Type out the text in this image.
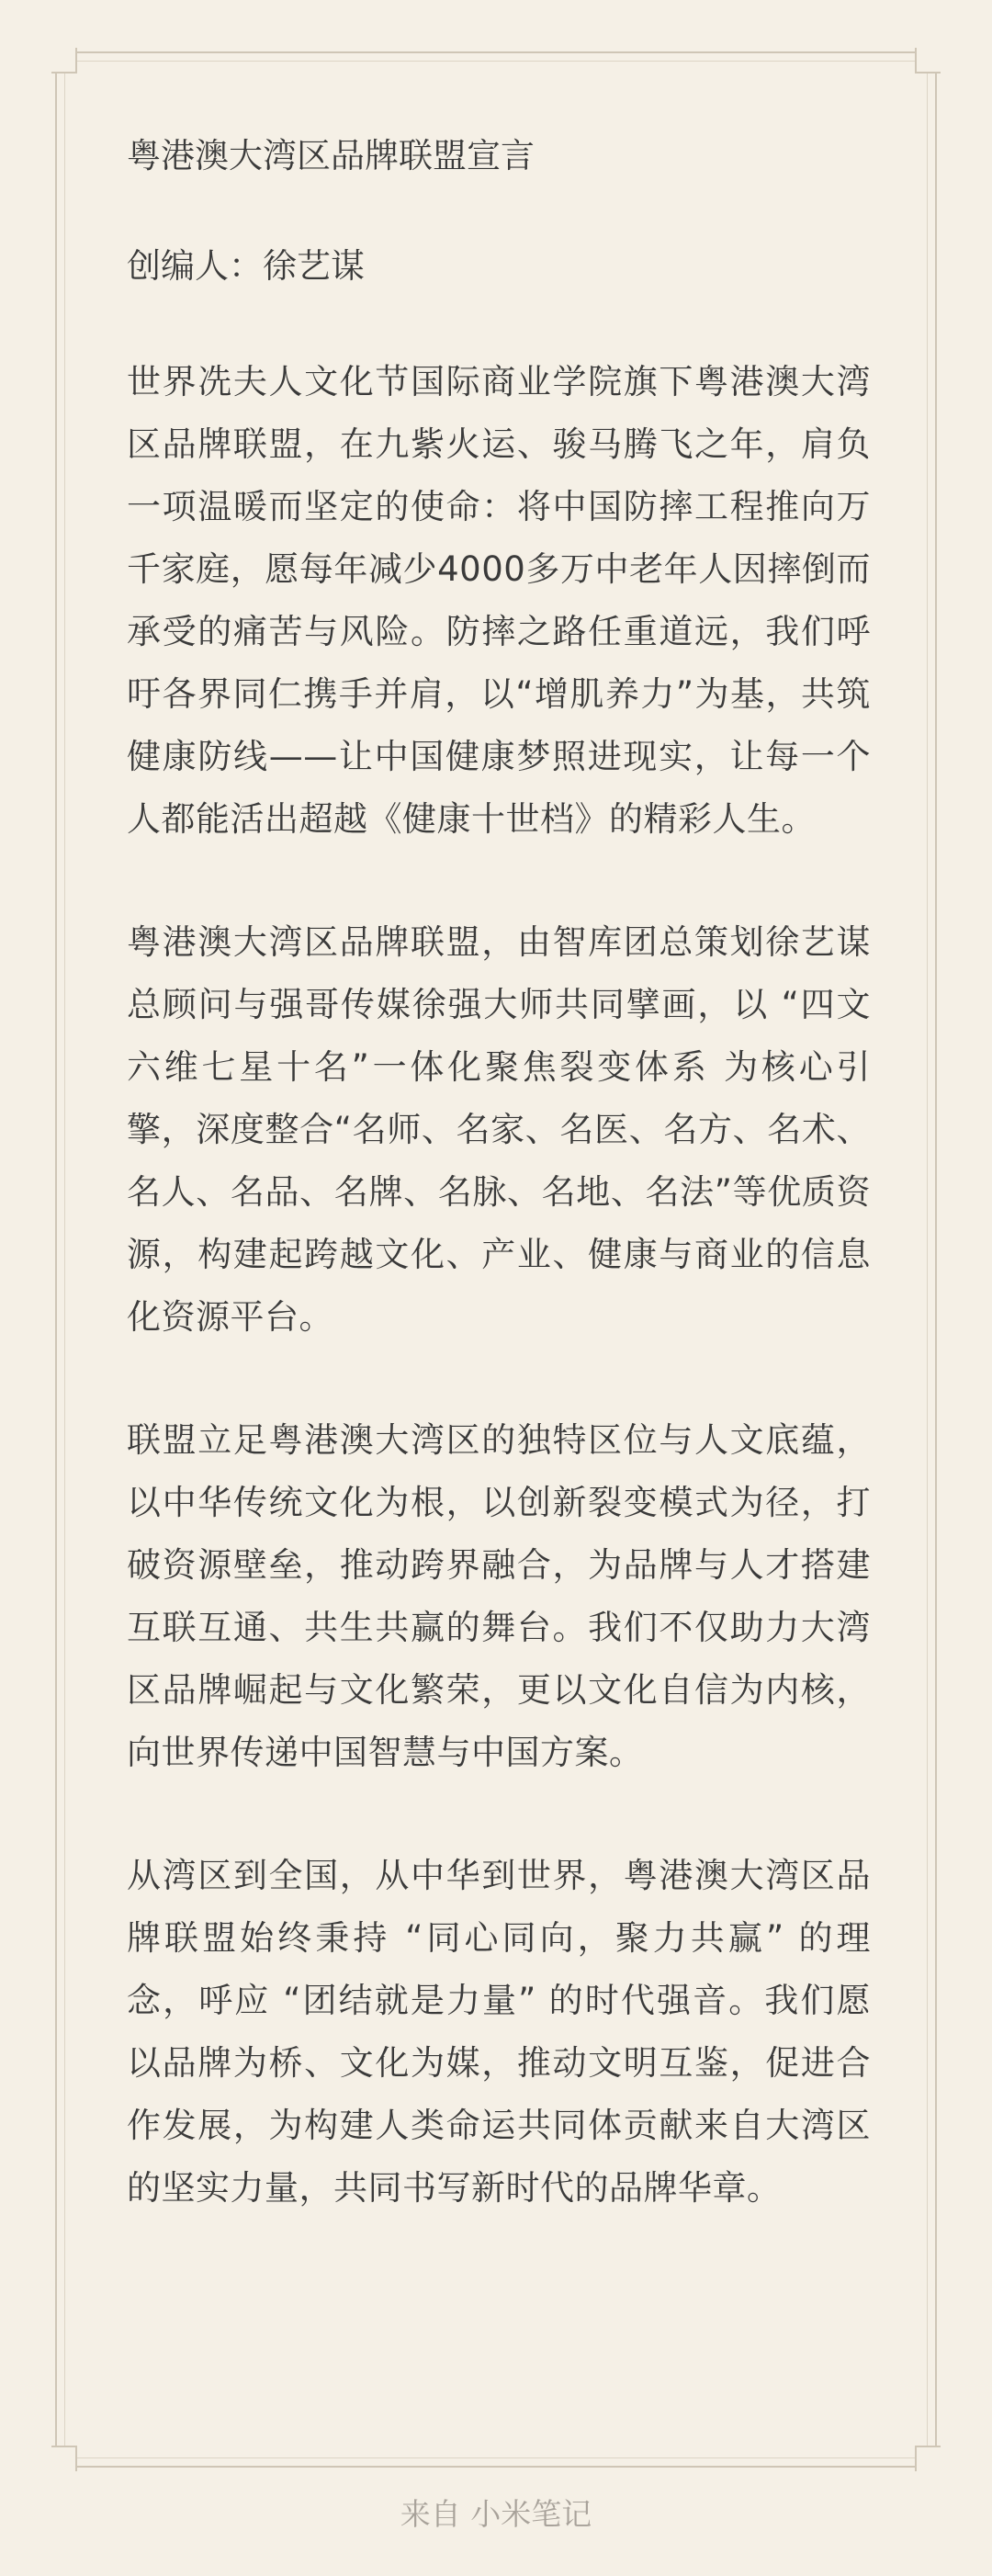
粤港澳大湾区品牌联盟宣言
创编人：徐艺谋

世界冼夫人文化节国际商业学院旗下粤港澳大湾区品牌联盟，在九紫火运、骏马腾飞之年，肩负一项温暖而坚定的使命：将中国防摔工程推向万千家庭，愿每年减少4000多万中老年人因摔倒而承受的痛苦与风险。防摔之路任重道远，我们呼吁各界同仁携手并肩，以“增肌养力”为基，共筑健康防线——让中国健康梦照进现实，让每一个人都能活出超越《健康十世档》的精彩人生。

粤港澳大湾区品牌联盟，由智库团总策划徐艺谋总顾问与强哥传媒徐强大师共同擘画，以 “四文六维七星十名”一体化聚焦裂变体系 为核心引擎，深度整合“名师、名家、名医、名方、名术、名人、名品、名牌、名脉、名地、名法”等优质资源，构建起跨越文化、产业、健康与商业的信息化资源平台。

联盟立足粤港澳大湾区的独特区位与人文底蕴，以中华传统文化为根，以创新裂变模式为径，打破资源壁垒，推动跨界融合，为品牌与人才搭建互联互通、共生共赢的舞台。我们不仅助力大湾区品牌崛起与文化繁荣，更以文化自信为内核，向世界传递中国智慧与中国方案。

从湾区到全国，从中华到世界，粤港澳大湾区品牌联盟始终秉持 “同心同向，聚力共赢” 的理念，呼应 “团结就是力量” 的时代强音。我们愿以品牌为桥、文化为媒，推动文明互鉴，促进合作发展，为构建人类命运共同体贡献来自大湾区的坚实力量，共同书写新时代的品牌华章。

来自 小米笔记
